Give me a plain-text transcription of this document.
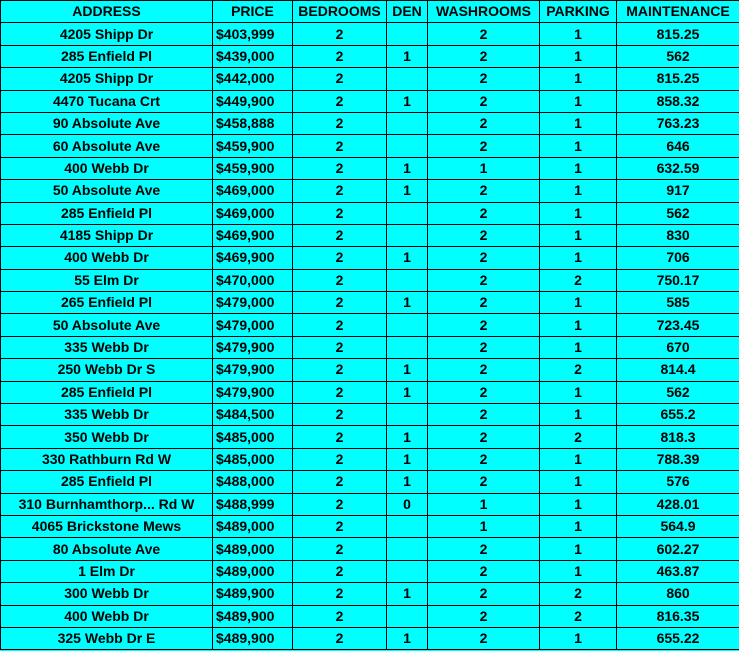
ADDRESS	PRICE	BEDROOMS	DEN	WASHROOMS	PARKING	MAINTENANCE
4205 Shipp Dr	$403,999	2		2	1	815.25
285 Enfield Pl	$439,000	2	1	2	1	562
4205 Shipp Dr	$442,000	2		2	1	815.25
4470 Tucana Crt	$449,900	2	1	2	1	858.32
90 Absolute Ave	$458,888	2		2	1	763.23
60 Absolute Ave	$459,900	2		2	1	646
400 Webb Dr	$459,900	2	1	1	1	632.59
50 Absolute Ave	$469,000	2	1	2	1	917
285 Enfield Pl	$469,000	2		2	1	562
4185 Shipp Dr	$469,900	2		2	1	830
400 Webb Dr	$469,900	2	1	2	1	706
55 Elm Dr	$470,000	2		2	2	750.17
265 Enfield Pl	$479,000	2	1	2	1	585
50 Absolute Ave	$479,000	2		2	1	723.45
335 Webb Dr	$479,900	2		2	1	670
250 Webb Dr S	$479,900	2	1	2	2	814.4
285 Enfield Pl	$479,900	2	1	2	1	562
335 Webb Dr	$484,500	2		2	1	655.2
350 Webb Dr	$485,000	2	1	2	2	818.3
330 Rathburn Rd W	$485,000	2	1	2	1	788.39
285 Enfield Pl	$488,000	2	1	2	1	576
310 Burnhamthorp... Rd W	$488,999	2	0	1	1	428.01
4065 Brickstone Mews	$489,000	2		1	1	564.9
80 Absolute Ave	$489,000	2		2	1	602.27
1 Elm Dr	$489,000	2		2	1	463.87
300 Webb Dr	$489,900	2	1	2	2	860
400 Webb Dr	$489,900	2		2	2	816.35
325 Webb Dr E	$489,900	2	1	2	1	655.22
